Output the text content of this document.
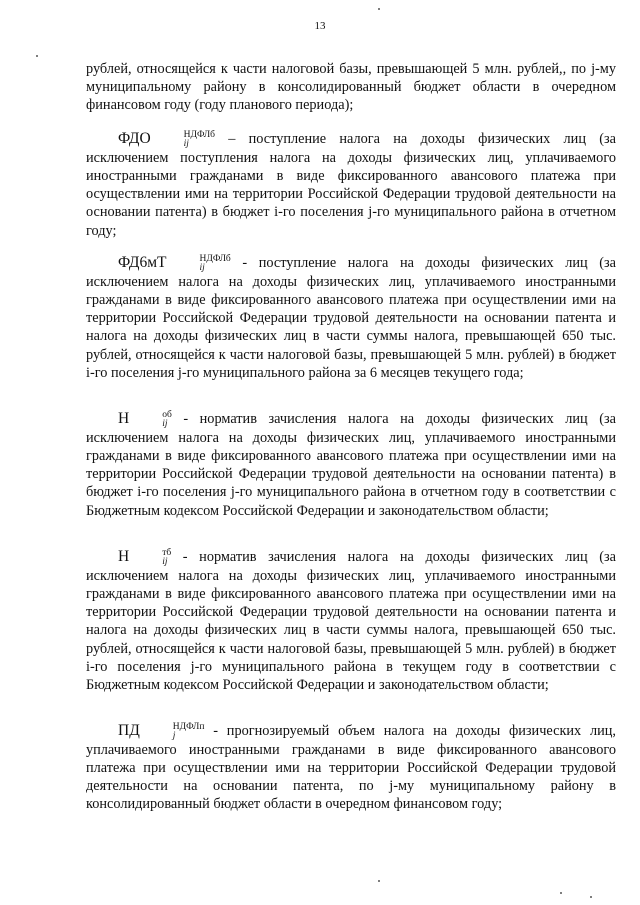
13

рублей, относящейся к части налоговой базы, превышающей 5 млн. рублей,, по j-му муниципальному району в консолидированный бюджет области в очередном финансовом году (году планового периода);

ФДО	НДФЛб
ij	– поступление налога на доходы физических лиц (за исключением поступления налога на доходы физических лиц, уплачиваемого иностранными гражданами в виде фиксированного авансового платежа при осуществлении ими на территории Российской Федерации трудовой деятельности на основании патента) в бюджет i-го поселения j-го муниципального района в отчетном году;

ФД6мТ	НДФЛб
ij	- поступление налога на доходы физических лиц (за исключением налога на доходы физических лиц, уплачиваемого иностранными гражданами в виде фиксированного авансового платежа при осуществлении ими на территории Российской Федерации трудовой деятельности на основании патента и налога на доходы физических лиц в части суммы налога, превышающей 650 тыс. рублей, относящейся к части налоговой базы, превышающей 5 млн. рублей) в бюджет i-го поселения j-го муниципального района за 6 месяцев текущего года;

Н	об
ij - норматив зачисления налога на доходы физических лиц (за исключением налога на доходы физических лиц, уплачиваемого иностранными гражданами в виде фиксированного авансового платежа при осуществлении ими на территории Российской Федерации трудовой деятельности на основании патента) в бюджет i-го поселения j-го муниципального района в отчетном году в соответствии с Бюджетным кодексом Российской Федерации и законодательством области;

Н	тб
ij - норматив зачисления налога на доходы физических лиц (за исключением налога на доходы физических лиц, уплачиваемого иностранными гражданами в виде фиксированного авансового платежа при осуществлении ими на территории Российской Федерации трудовой деятельности на основании патента и налога на доходы физических лиц в части суммы налога, превышающей 650 тыс. рублей, относящейся к части налоговой базы, превышающей 5 млн. рублей) в бюджет i-го поселения j-го муниципального района в текущем году в соответствии с Бюджетным кодексом Российской Федерации и законодательством области;

ПД	НДФЛп
j	- прогнозируемый объем налога на доходы физических лиц, уплачиваемого иностранными гражданами в виде фиксированного авансового платежа при осуществлении ими на территории Российской Федерации трудовой деятельности на основании патента, по j-му муниципальному району в консолидированный бюджет области в очередном финансовом году;
